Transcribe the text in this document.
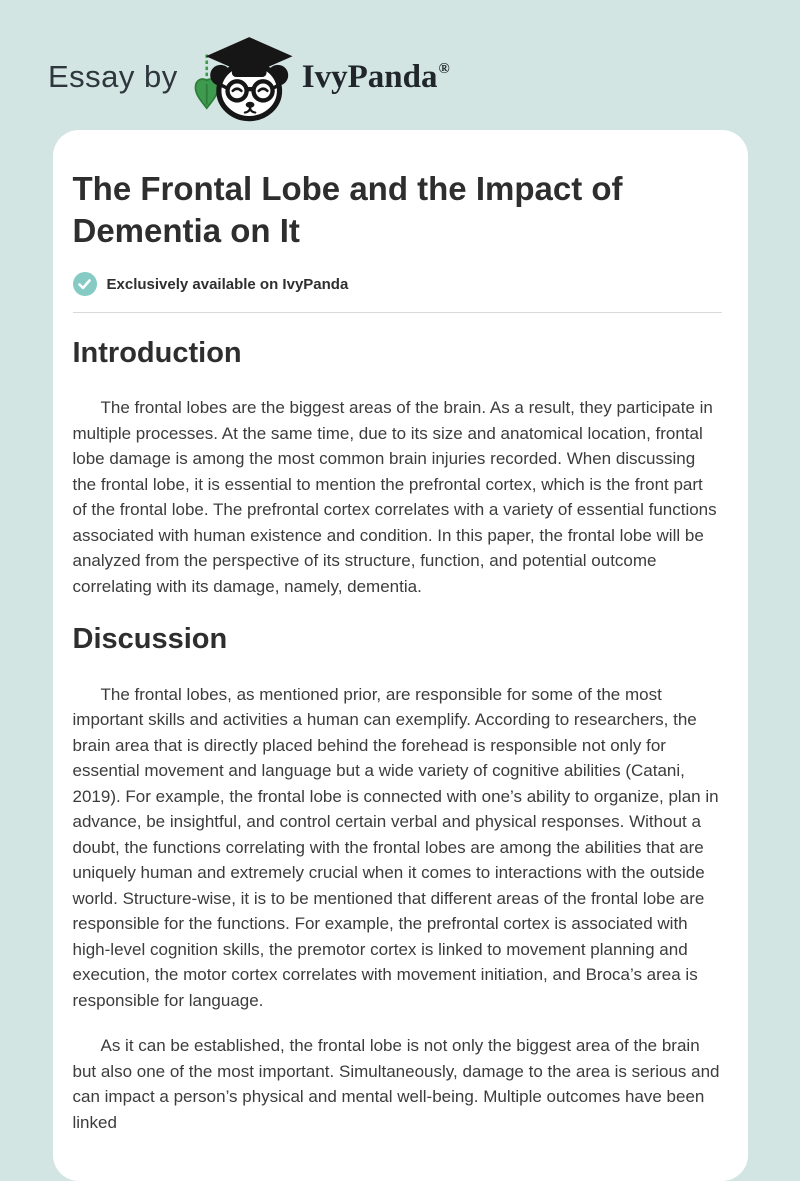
Essay by	IvyPanda®
The Frontal Lobe and the Impact of Dementia on It
Exclusively available on IvyPanda
Introduction

The frontal lobes are the biggest areas of the brain. As a result, they participate in multiple processes. At the same time, due to its size and anatomical location, frontal lobe damage is among the most common brain injuries recorded. When discussing the frontal lobe, it is essential to mention the prefrontal cortex, which is the front part of the frontal lobe. The prefrontal cortex correlates with a variety of essential functions associated with human existence and condition. In this paper, the frontal lobe will be analyzed from the perspective of its structure, function, and potential outcome correlating with its damage, namely, dementia.

Discussion

The frontal lobes, as mentioned prior, are responsible for some of the most important skills and activities a human can exemplify. According to researchers, the brain area that is directly placed behind the forehead is responsible not only for essential movement and language but a wide variety of cognitive abilities (Catani, 2019). For example, the frontal lobe is connected with one’s ability to organize, plan in advance, be insightful, and control certain verbal and physical responses. Without a doubt, the functions correlating with the frontal lobes are among the abilities that are uniquely human and extremely crucial when it comes to interactions with the outside world. Structure-wise, it is to be mentioned that different areas of the frontal lobe are responsible for the functions. For example, the prefrontal cortex is associated with high-level cognition skills, the premotor cortex is linked to movement planning and execution, the motor cortex correlates with movement initiation, and Broca’s area is responsible for language.

As it can be established, the frontal lobe is not only the biggest area of the brain but also one of the most important. Simultaneously, damage to the area is serious and can impact a person’s physical and mental well-being. Multiple outcomes have been linked
